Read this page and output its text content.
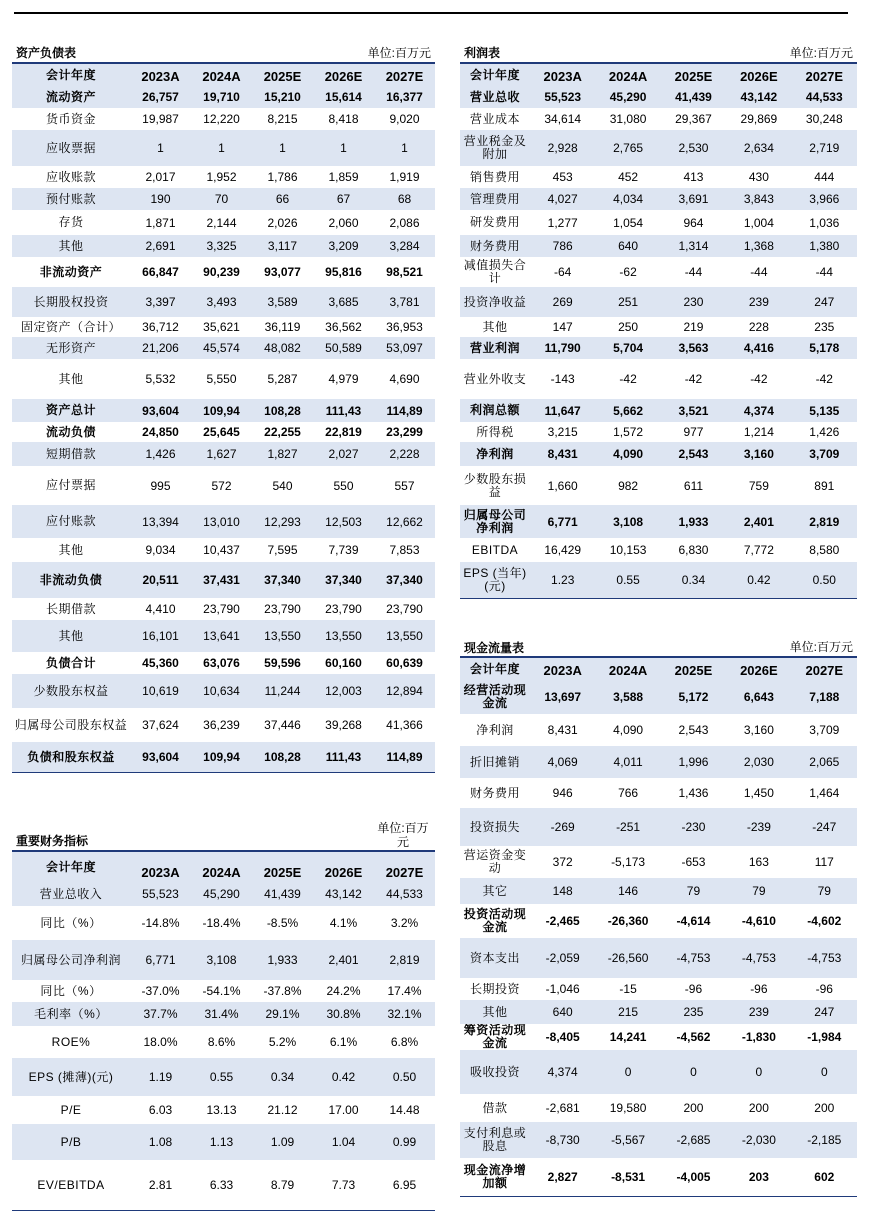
资产负债表	单位:百万元
会计年度	2023A	2024A	2025E	2026E	2027E
流动资产	26,757	19,710	15,210	15,614	16,377
货币资金	19,987	12,220	8,215	8,418	9,020
应收票据	1	1	1	1	1
应收账款	2,017	1,952	1,786	1,859	1,919
预付账款	190	70	66	67	68
存货	1,871	2,144	2,026	2,060	2,086
其他	2,691	3,325	3,117	3,209	3,284
非流动资产	66,847	90,239	93,077	95,816	98,521
长期股权投资	3,397	3,493	3,589	3,685	3,781
固定资产（合计）	36,712	35,621	36,119	36,562	36,953
无形资产	21,206	45,574	48,082	50,589	53,097
其他	5,532	5,550	5,287	4,979	4,690
资产总计	93,604	109,94	108,28	111,43	114,89
流动负债	24,850	25,645	22,255	22,819	23,299
短期借款	1,426	1,627	1,827	2,027	2,228
应付票据	995	572	540	550	557
应付账款	13,394	13,010	12,293	12,503	12,662
其他	9,034	10,437	7,595	7,739	7,853
非流动负债	20,511	37,431	37,340	37,340	37,340
长期借款	4,410	23,790	23,790	23,790	23,790
其他	16,101	13,641	13,550	13,550	13,550
负债合计	45,360	63,076	59,596	60,160	60,639
少数股东权益	10,619	10,634	11,244	12,003	12,894
归属母公司股东权益	37,624	36,239	37,446	39,268	41,366
负债和股东权益	93,604	109,94	108,28	111,43	114,89
利润表	单位:百万元
会计年度	2023A	2024A	2025E	2026E	2027E
营业总收	55,523	45,290	41,439	43,142	44,533
营业成本	34,614	31,080	29,367	29,869	30,248
营业税金及附加	2,928	2,765	2,530	2,634	2,719
销售费用	453	452	413	430	444
管理费用	4,027	4,034	3,691	3,843	3,966
研发费用	1,277	1,054	964	1,004	1,036
财务费用	786	640	1,314	1,368	1,380
减值损失合计	-64	-62	-44	-44	-44
投资净收益	269	251	230	239	247
其他	147	250	219	228	235
营业利润	11,790	5,704	3,563	4,416	5,178
营业外收支	-143	-42	-42	-42	-42
利润总额	11,647	5,662	3,521	4,374	5,135
所得税	3,215	1,572	977	1,214	1,426
净利润	8,431	4,090	2,543	3,160	3,709
少数股东损益	1,660	982	611	759	891
归属母公司净利润	6,771	3,108	1,933	2,401	2,819
EBITDA	16,429	10,153	6,830	7,772	8,580
EPS (当年)(元)	1.23	0.55	0.34	0.42	0.50
现金流量表	单位:百万元
会计年度	2023A	2024A	2025E	2026E	2027E
经营活动现金流	13,697	3,588	5,172	6,643	7,188
净利润	8,431	4,090	2,543	3,160	3,709
折旧摊销	4,069	4,011	1,996	2,030	2,065
财务费用	946	766	1,436	1,450	1,464
投资损失	-269	-251	-230	-239	-247
营运资金变动	372	-5,173	-653	163	117
其它	148	146	79	79	79
投资活动现金流	-2,465	-26,360	-4,614	-4,610	-4,602
资本支出	-2,059	-26,560	-4,753	-4,753	-4,753
长期投资	-1,046	-15	-96	-96	-96
其他	640	215	235	239	247
筹资活动现金流	-8,405	14,241	-4,562	-1,830	-1,984
吸收投资	4,374	0	0	0	0
借款	-2,681	19,580	200	200	200
支付利息或股息	-8,730	-5,567	-2,685	-2,030	-2,185
现金流净增加额	2,827	-8,531	-4,005	203	602
重要财务指标
单位:百万元
会计年度	2023A	2024A	2025E	2026E	2027E
营业总收入	55,523	45,290	41,439	43,142	44,533
同比（%）	-14.8%	-18.4%	-8.5%	4.1%	3.2%
归属母公司净利润	6,771	3,108	1,933	2,401	2,819
同比（%）	-37.0%	-54.1%	-37.8%	24.2%	17.4%
毛利率（%）	37.7%	31.4%	29.1%	30.8%	32.1%
ROE%	18.0%	8.6%	5.2%	6.1%	6.8%
EPS (摊薄)(元)	1.19	0.55	0.34	0.42	0.50
P/E	6.03	13.13	21.12	17.00	14.48
P/B	1.08	1.13	1.09	1.04	0.99
EV/EBITDA	2.81	6.33	8.79	7.73	6.95
